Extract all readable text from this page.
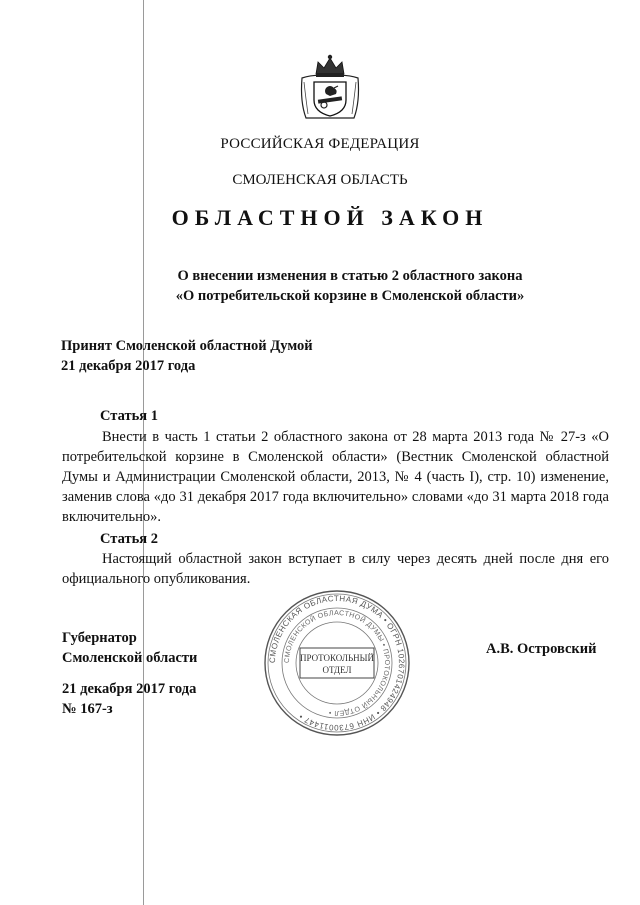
РОССИЙСКАЯ ФЕДЕРАЦИЯ
СМОЛЕНСКАЯ ОБЛАСТЬ
ОБЛАСТНОЙ ЗАКОН
О внесении изменения в статью 2 областного закона
«О потребительской корзине в Смоленской области»
Принят Смоленской областной Думой
21 декабря 2017 года
Статья 1

Внести в часть 1 статьи 2 областного закона от 28 марта 2013 года № 27-з «О потребительской корзине в Смоленской области» (Вестник Смоленской областной Думы и Администрации Смоленской области, 2013, № 4 (часть I), стр. 10) изменение, заменив слова «до 31 декабря 2017 года включительно» словами «до 31 марта 2018 года включительно».

Статья 2

Настоящий областной закон вступает в силу через десять дней после дня его официального опубликования.

Губернатор
Смоленской области
А.В. Островский
21 декабря 2017 года
№ 167-з
СМОЛЕНСКАЯ ОБЛАСТНАЯ ДУМА • ОГРН 1026701424948 • ИНН 6730011447 •
СМОЛЕНСКОЙ ОБЛАСТНОЙ ДУМЫ • ПРОТОКОЛЬНЫЙ ОТДЕЛ •
ПРОТОКОЛЬНЫЙ
ОТДЕЛ
